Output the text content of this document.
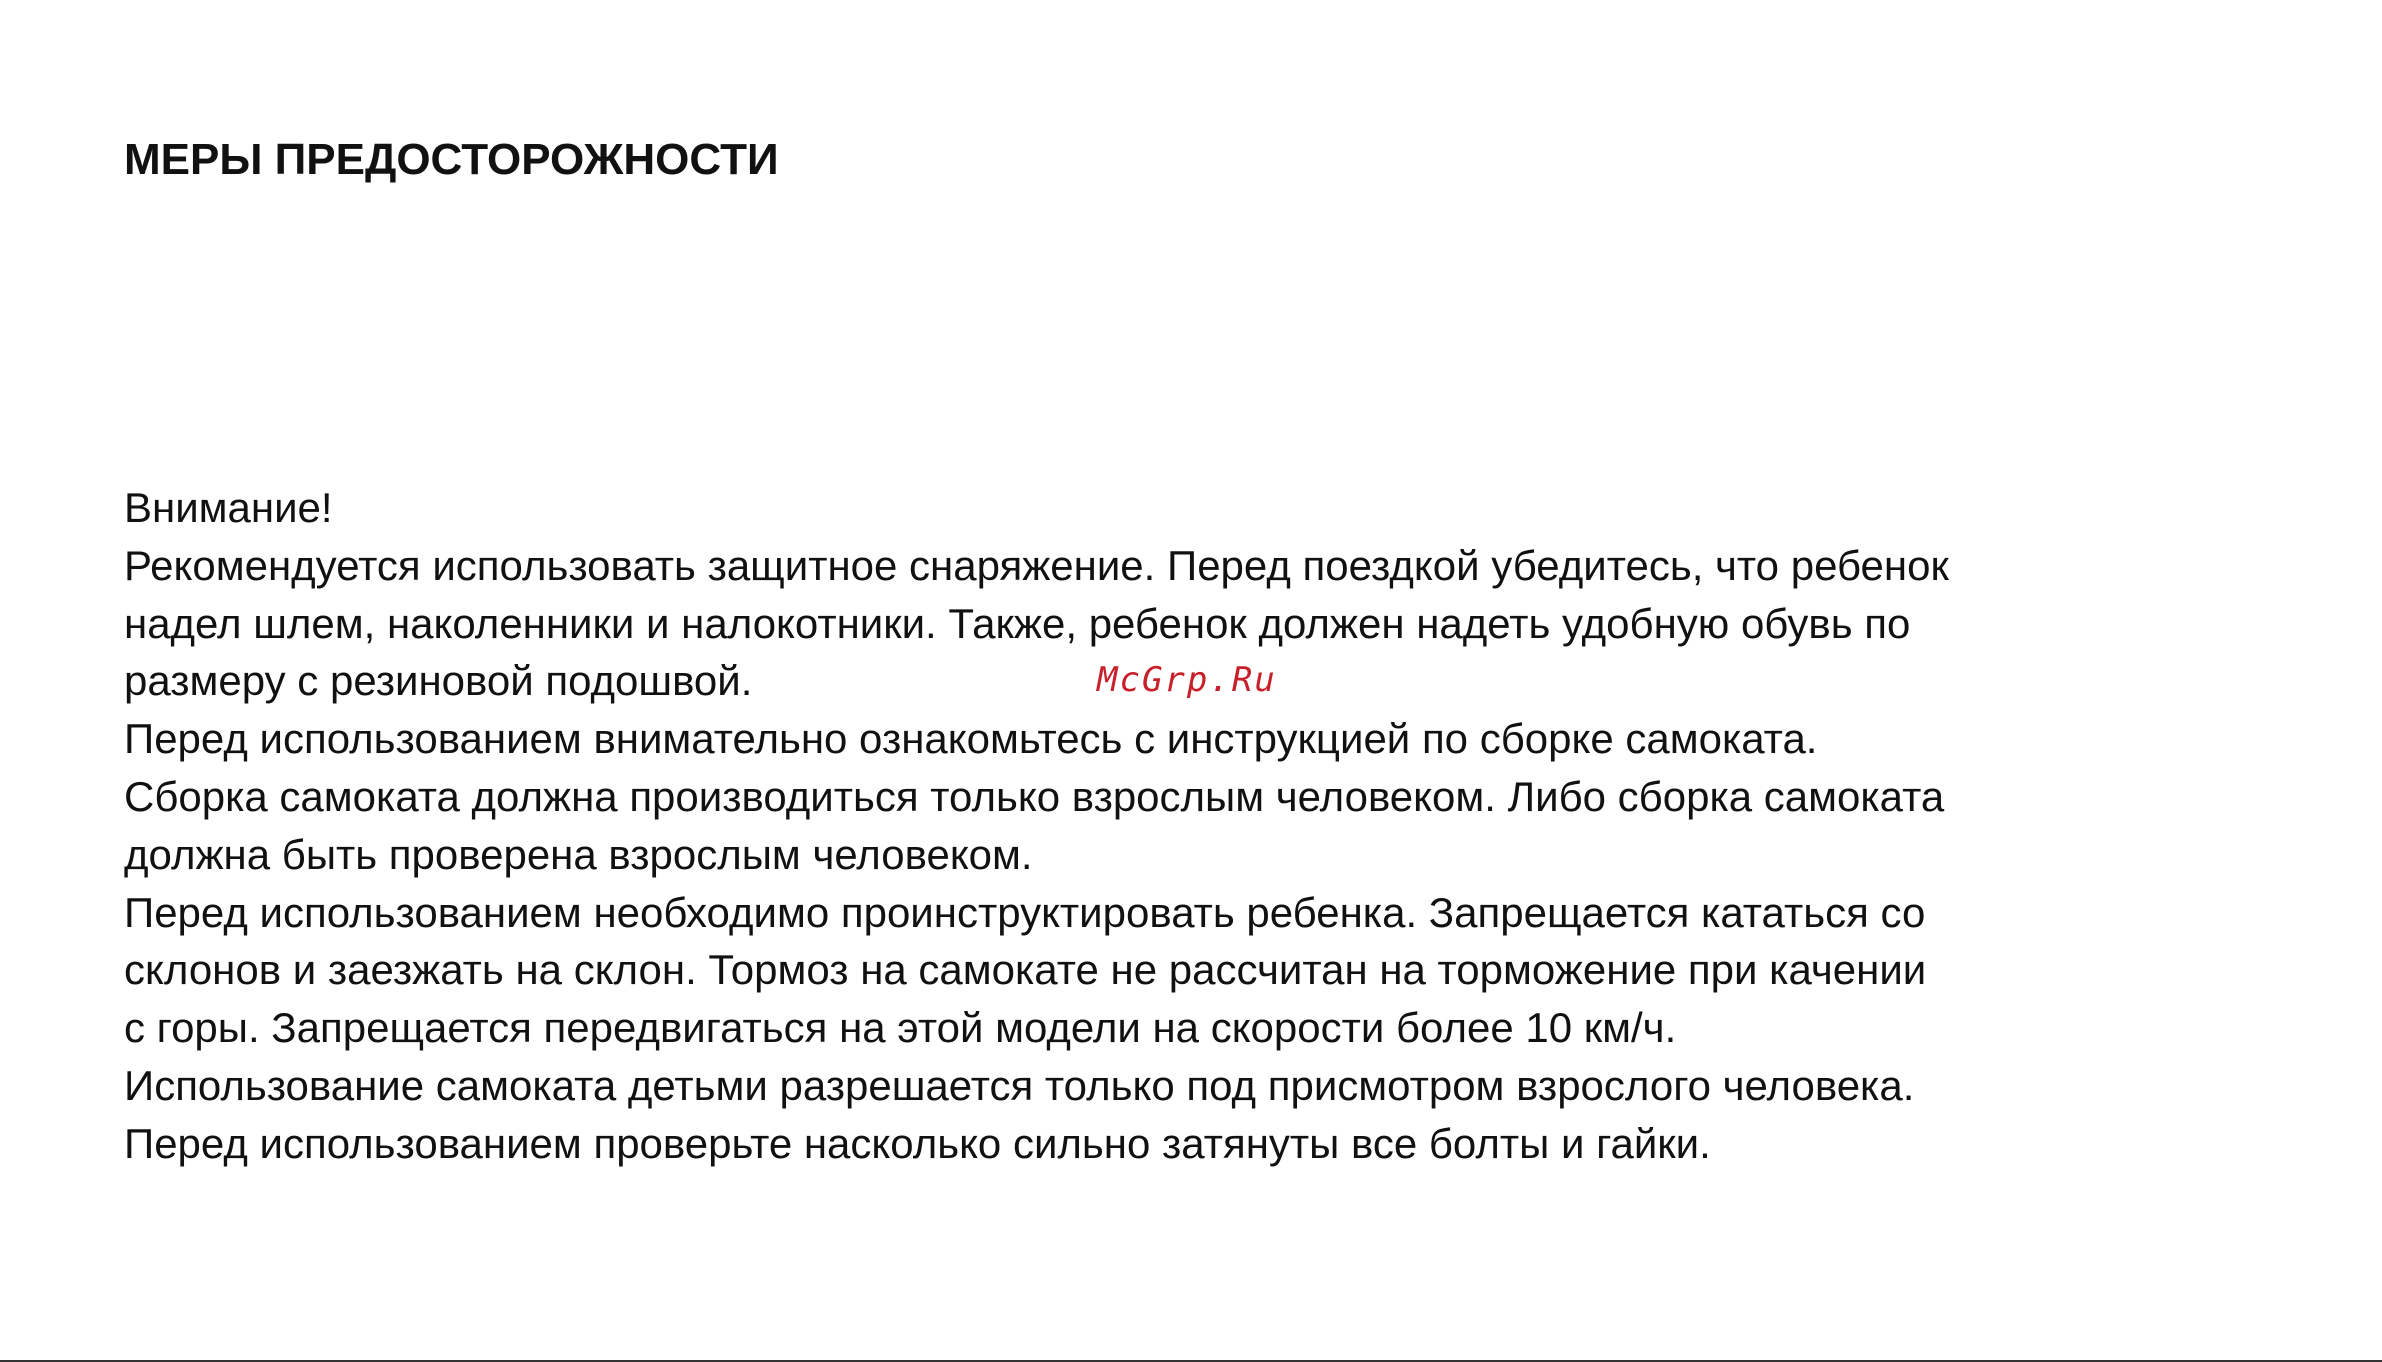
МЕРЫ ПРЕДОСТОРОЖНОСТИ
Внимание!
Рекомендуется использовать защитное снаряжение. Перед поездкой убедитесь, что ребенок
надел шлем, наколенники и налокотники. Также, ребенок должен надеть удобную обувь по
размеру с резиновой подошвой.
Перед использованием внимательно ознакомьтесь с инструкцией по сборке самоката.
Сборка самоката должна производиться только взрослым человеком. Либо сборка самоката
должна быть проверена взрослым человеком.
Перед использованием необходимо проинструктировать ребенка. Запрещается кататься со
склонов и заезжать на склон. Тормоз на самокате не рассчитан на торможение при качении
с горы. Запрещается передвигаться на этой модели на скорости более 10 км/ч.
Использование самоката детьми разрешается только под присмотром взрослого человека.
Перед использованием проверьте насколько сильно затянуты все болты и гайки.
McGrp.Ru
